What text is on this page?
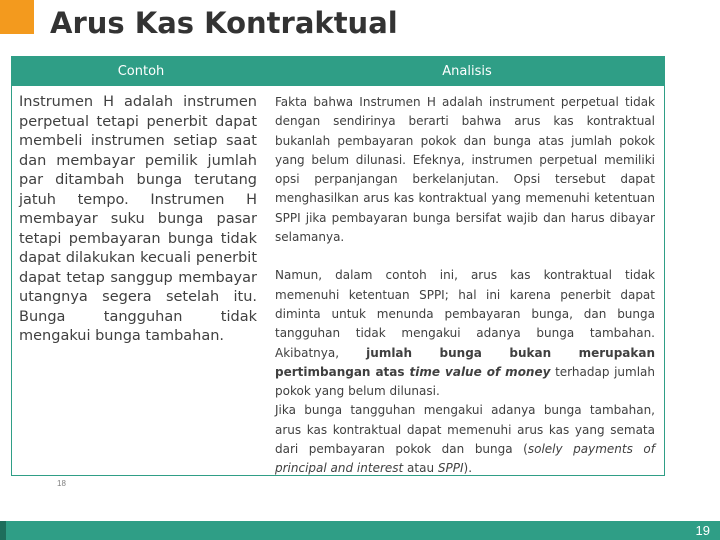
Arus Kas Kontraktual
Contoh	Analisis
Instrumen H adalah instrumen perpetual tetapi penerbit dapat membeli instrumen setiap saat dan membayar pemilik jumlah par ditambah bunga terutang jatuh tempo. Instrumen H membayar suku bunga pasar tetapi pembayaran bunga tidak dapat dilakukan kecuali penerbit dapat tetap sanggup membayar utangnya segera setelah itu. Bunga tangguhan tidak mengakui bunga tambahan.

Fakta bahwa Instrumen H adalah instrument perpetual tidak dengan sendirinya berarti bahwa arus kas kontraktual bukanlah pembayaran pokok dan bunga atas jumlah pokok yang belum dilunasi. Efeknya, instrumen perpetual memiliki opsi perpanjangan berkelanjutan. Opsi tersebut dapat menghasilkan arus kas kontraktual yang memenuhi ketentuan SPPI jika pembayaran bunga bersifat wajib dan harus dibayar selamanya.

Namun, dalam contoh ini, arus kas kontraktual tidak memenuhi ketentuan SPPI; hal ini karena penerbit dapat diminta untuk menunda pembayaran bunga, dan bunga tangguhan tidak mengakui adanya bunga tambahan. Akibatnya, jumlah bunga bukan merupakan pertimbangan atas time value of money terhadap jumlah pokok yang belum dilunasi.

Jika bunga tangguhan mengakui adanya bunga tambahan, arus kas kontraktual dapat memenuhi arus kas yang semata dari pembayaran pokok dan bunga (solely payments of principal and interest atau SPPI).

18
19
